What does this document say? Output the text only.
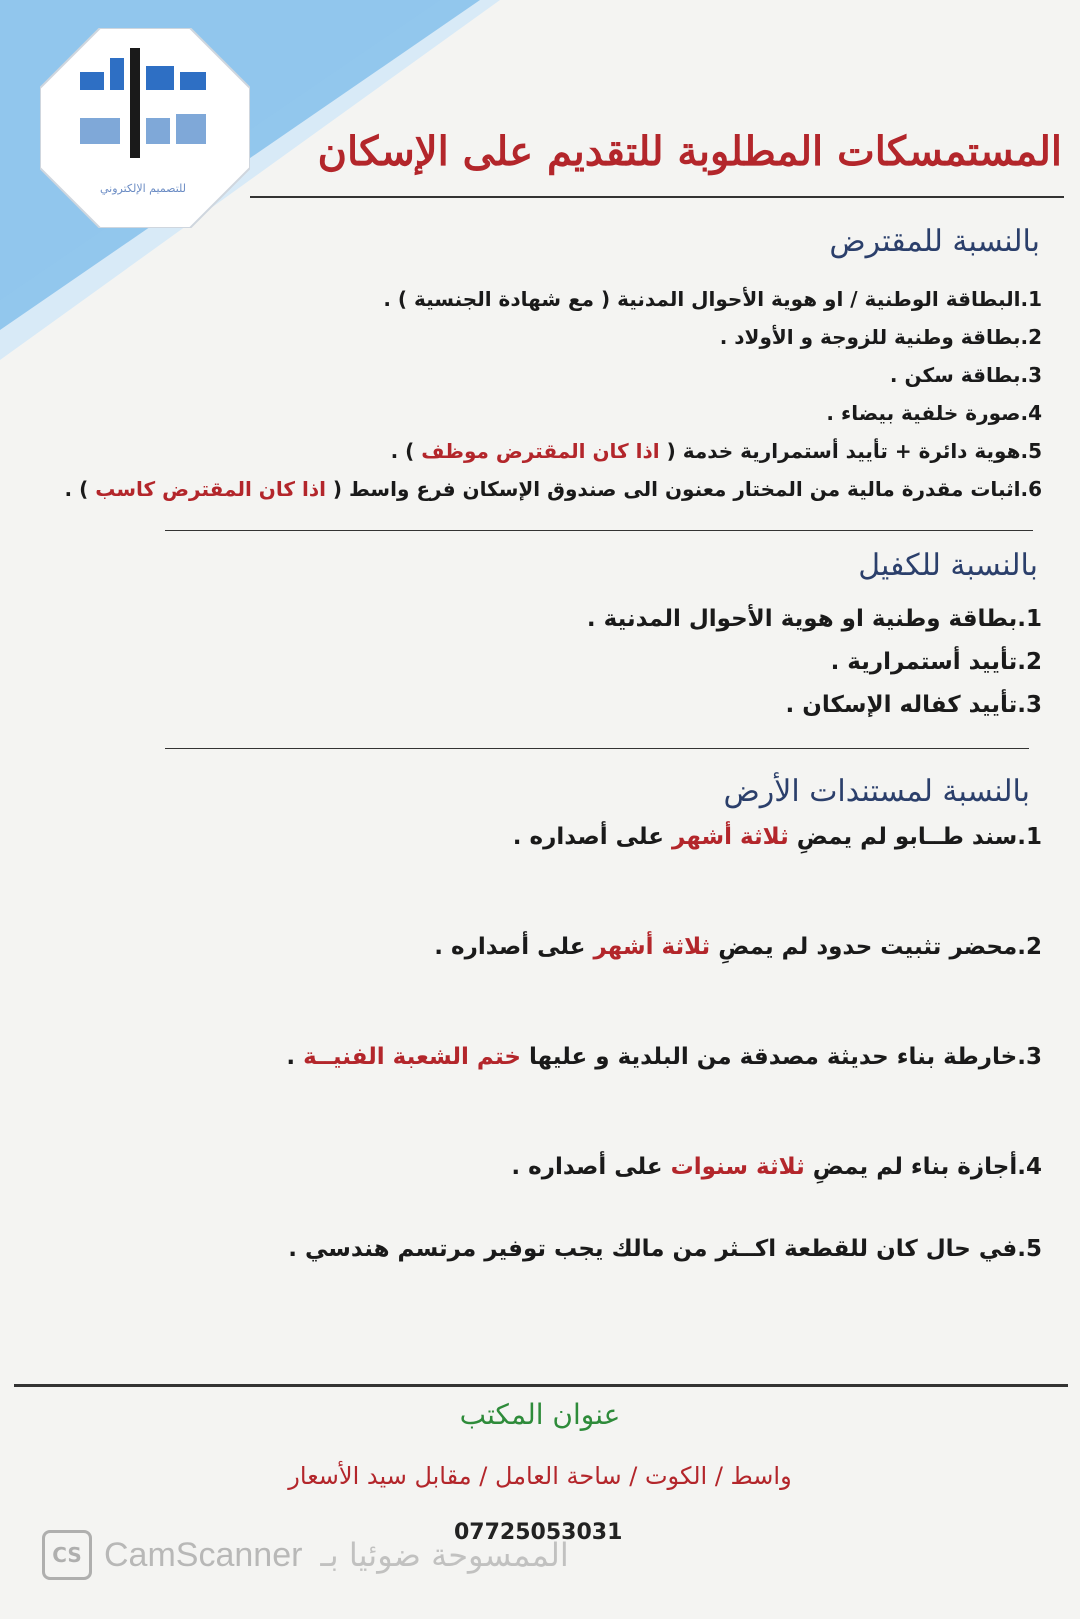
للتصميم الإلكتروني
المستمسكات المطلوبة للتقديم على الإسكان
بالنسبة للمقترض
1.البطاقة الوطنية / او هوية الأحوال المدنية ( مع شهادة الجنسية ) .
2.بطاقة وطنية للزوجة و الأولاد .
3.بطاقة سكن .
4.صورة خلفية بيضاء .
5.هوية دائرة + تأييد أستمرارية خدمة ( اذا كان المقترض موظف ) .
6.اثبات مقدرة مالية من المختار معنون الى صندوق الإسكان فرع واسط ( اذا كان المقترض كاسب ) .
بالنسبة للكفيل
1.بطاقة وطنية او هوية الأحوال المدنية .
2.تأييد أستمرارية .
3.تأييد كفاله الإسكان .
بالنسبة لمستندات الأرض
1.سند طــابو لم يمضِ ثلاثة أشهر على أصداره .
2.محضر تثبيت حدود لم يمضِ ثلاثة أشهر على أصداره .
3.خارطة بناء حديثة مصدقة من البلدية و عليها ختم الشعبة الفنيــة .
4.أجازة بناء لم يمضِ ثلاثة سنوات على أصداره .
5.في حال كان للقطعة اكــثر من مالك يجب توفير مرتسم هندسي .
عنوان المكتب
واسط / الكوت / ساحة العامل / مقابل سيد الأسعار
07725053031
CS CamScanner الممسوحة ضوئيا بـ
